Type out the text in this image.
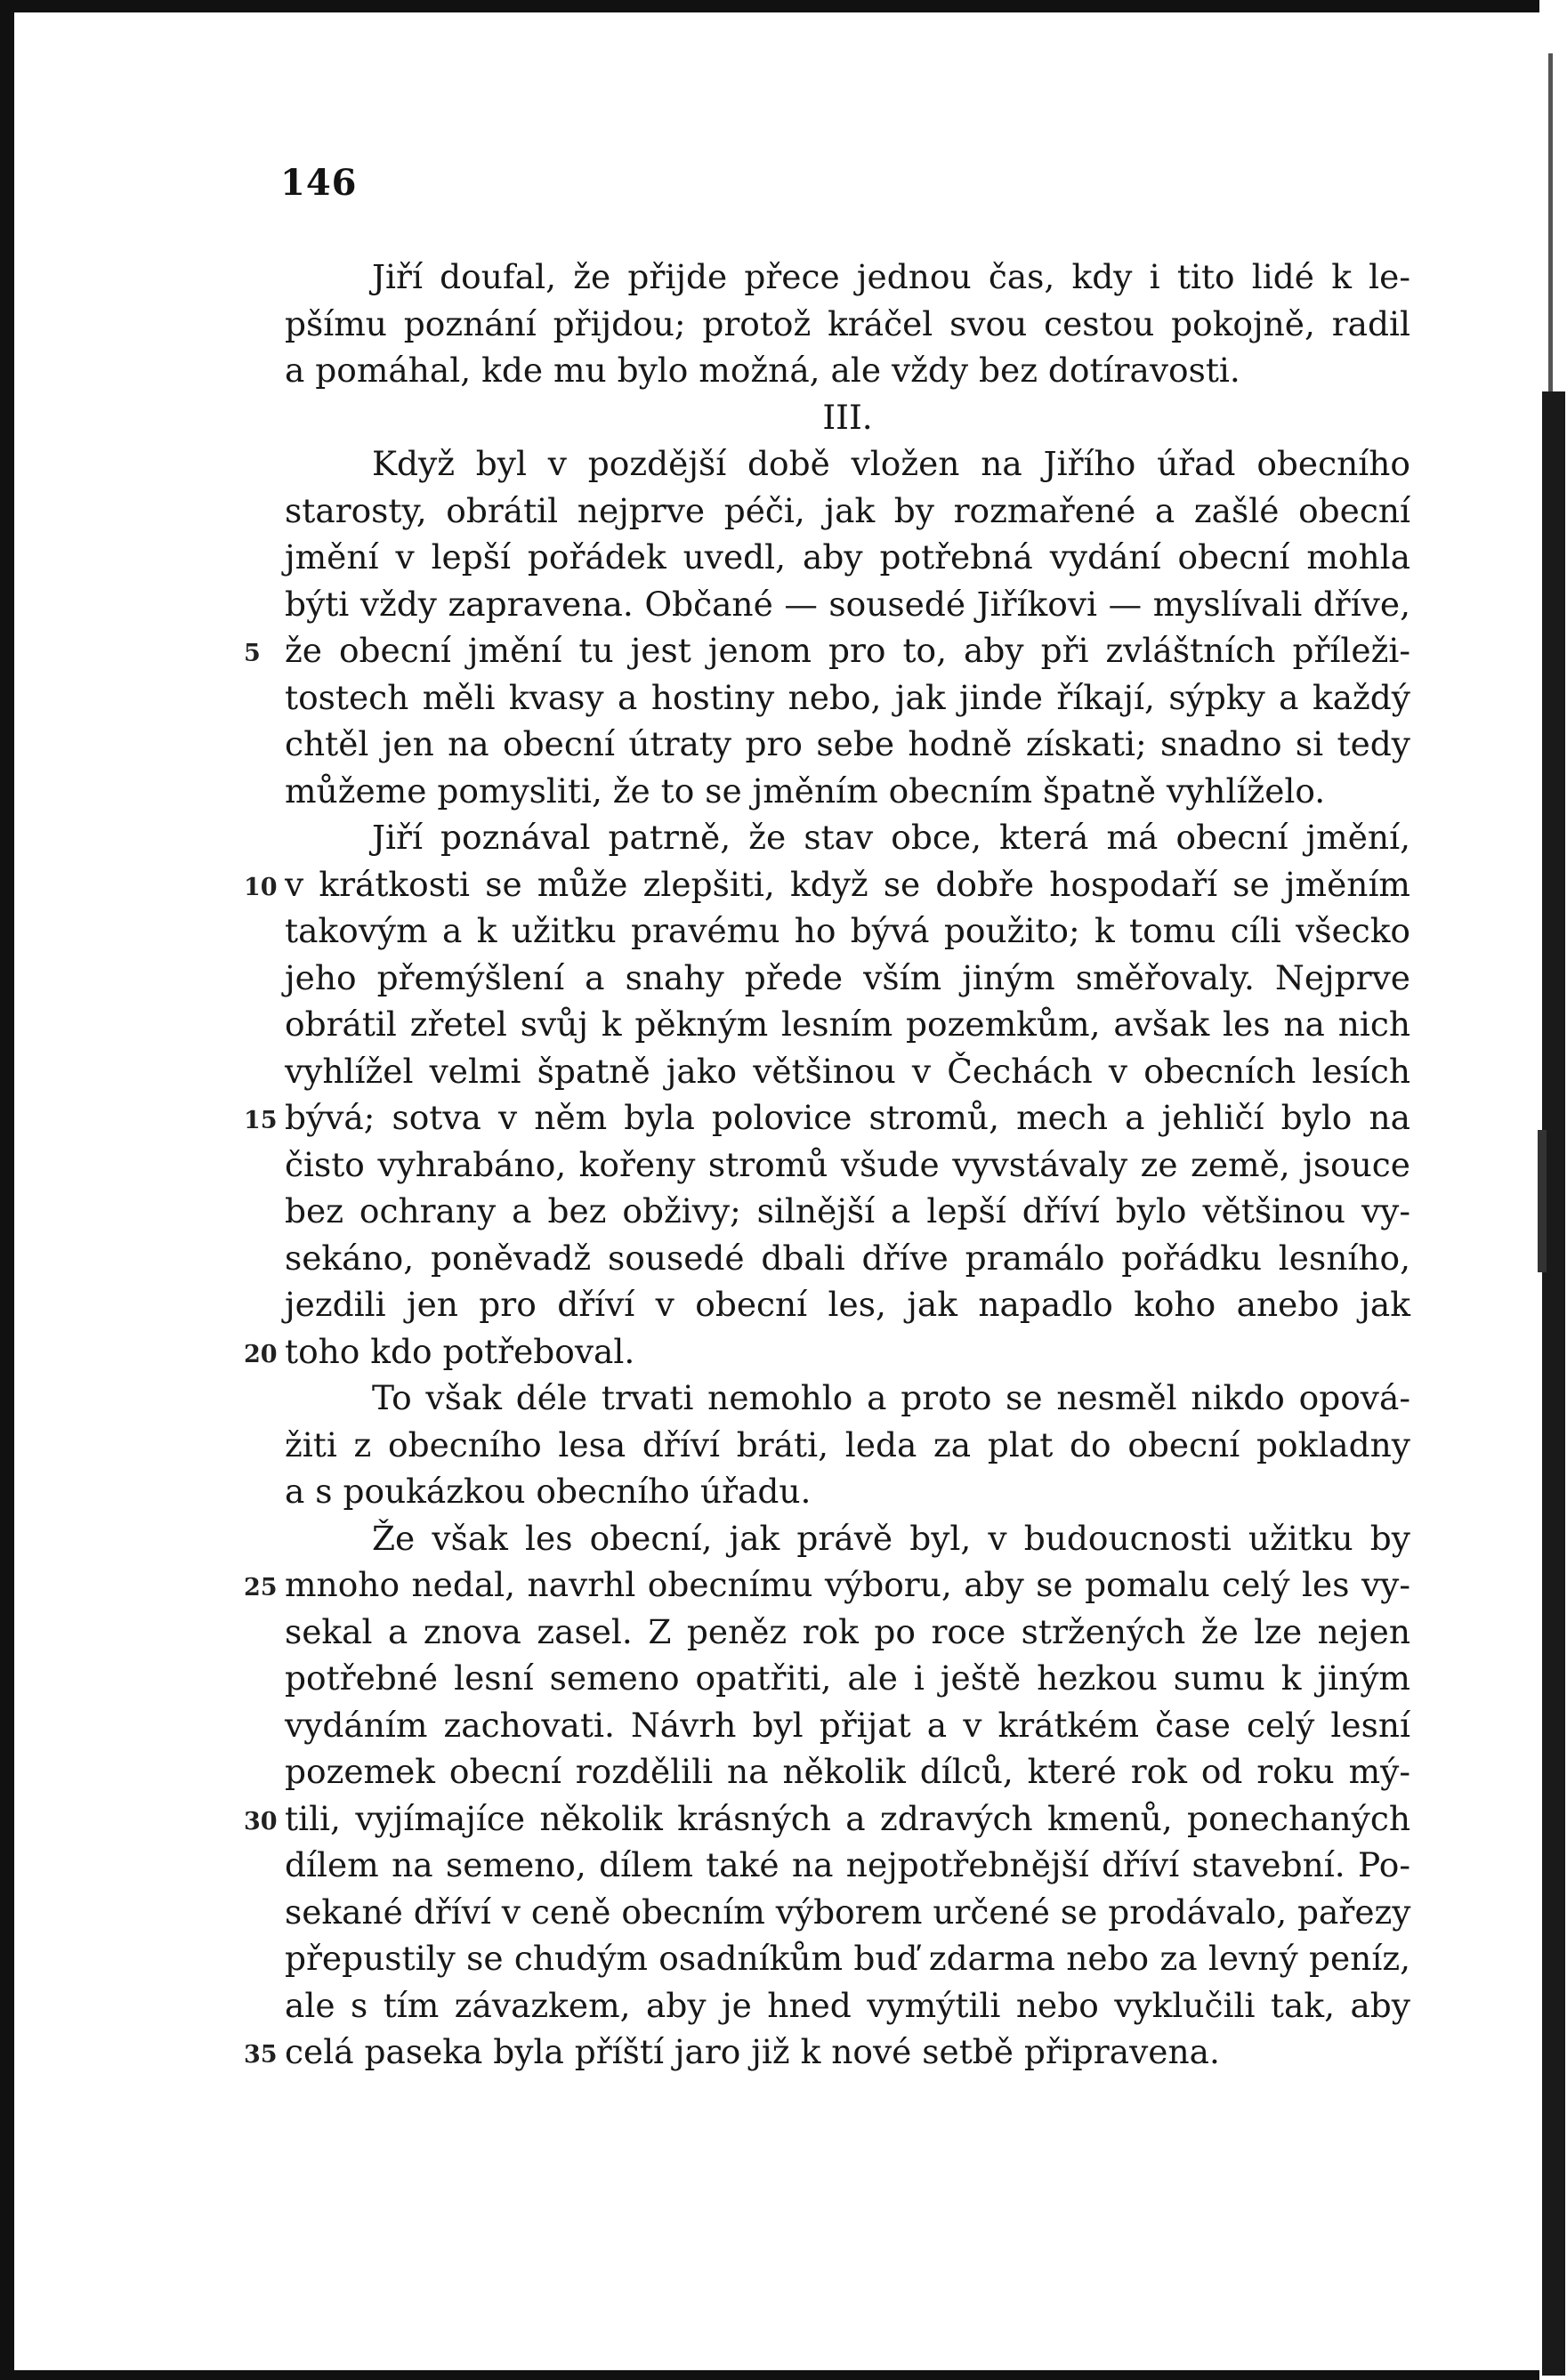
146
Jiří doufal, že přijde přece jednou čas, kdy i tito lidé k le-
pšímu poznání přijdou; protož kráčel svou cestou pokojně, radil
a pomáhal, kde mu bylo možná, ale vždy bez dotíravosti.
III.
Když byl v pozdější době vložen na Jiřího úřad obecního
starosty, obrátil nejprve péči, jak by rozmařené a zašlé obecní
jmění v lepší pořádek uvedl, aby potřebná vydání obecní mohla
býti vždy zapravena. Občané — sousedé Jiříkovi — myslívali dříve,
5 že obecní jmění tu jest jenom pro to, aby při zvláštních příleži-
tostech měli kvasy a hostiny nebo, jak jinde říkají, sýpky a každý
chtěl jen na obecní útraty pro sebe hodně získati; snadno si tedy
můžeme pomysliti, že to se jměním obecním špatně vyhlíželo.
Jiří poznával patrně, že stav obce, která má obecní jmění,
10 v krátkosti se může zlepšiti, když se dobře hospodaří se jměním
takovým a k užitku pravému ho bývá použito; k tomu cíli všecko
jeho přemýšlení a snahy přede vším jiným směřovaly. Nejprve
obrátil zřetel svůj k pěkným lesním pozemkům, avšak les na nich
vyhlížel velmi špatně jako většinou v Čechách v obecních lesích
15 bývá; sotva v něm byla polovice stromů, mech a jehličí bylo na
čisto vyhrabáno, kořeny stromů všude vyvstávaly ze země, jsouce
bez ochrany a bez obživy; silnější a lepší dříví bylo většinou vy-
sekáno, poněvadž sousedé dbali dříve pramálo pořádku lesního,
jezdili jen pro dříví v obecní les, jak napadlo koho anebo jak
20 toho kdo potřeboval.
To však déle trvati nemohlo a proto se nesměl nikdo opová-
žiti z obecního lesa dříví bráti, leda za plat do obecní pokladny
a s poukázkou obecního úřadu.
Že však les obecní, jak právě byl, v budoucnosti užitku by
25 mnoho nedal, navrhl obecnímu výboru, aby se pomalu celý les vy-
sekal a znova zasel. Z peněz rok po roce stržených že lze nejen
potřebné lesní semeno opatřiti, ale i ještě hezkou sumu k jiným
vydáním zachovati. Návrh byl přijat a v krátkém čase celý lesní
pozemek obecní rozdělili na několik dílců, které rok od roku mý-
30 tili, vyjímajíce několik krásných a zdravých kmenů, ponechaných
dílem na semeno, dílem také na nejpotřebnější dříví stavební. Po-
sekané dříví v ceně obecním výborem určené se prodávalo, pařezy
přepustily se chudým osadníkům buď zdarma nebo za levný peníz,
ale s tím závazkem, aby je hned vymýtili nebo vyklučili tak, aby
35 celá paseka byla příští jaro již k nové setbě připravena.
